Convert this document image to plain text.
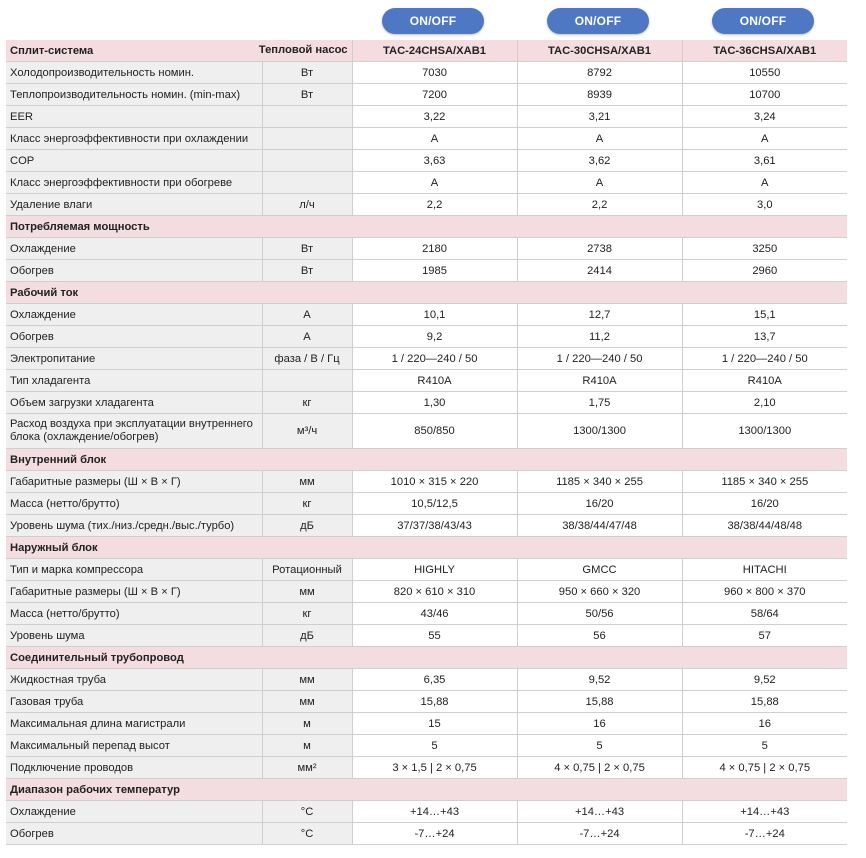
ON/OFF	ON/OFF	ON/OFF
Сплит-система Тепловой насос		TAC-24CHSA/XAB1	TAC-30CHSA/XAB1	TAC-36CHSA/XAB1
Холодопроизводительность номин.	Вт	7030	8792	10550
Теплопроизводительность номин. (min-max)	Вт	7200	8939	10700
EER		3,22	3,21	3,24
Класс энергоэффективности при охлаждении		A	A	A
COP		3,63	3,62	3,61
Класс энергоэффективности при обогреве		A	A	A
Удаление влаги	л/ч	2,2	2,2	3,0
Потребляемая мощность				
Охлаждение	Вт	2180	2738	3250
Обогрев	Вт	1985	2414	2960
Рабочий ток				
Охлаждение	A	10,1	12,7	15,1
Обогрев	A	9,2	11,2	13,7
Электропитание	фаза / В / Гц	1 / 220—240 / 50	1 / 220—240 / 50	1 / 220—240 / 50
Тип хладагента		R410A	R410A	R410A
Объем загрузки хладагента	кг	1,30	1,75	2,10
Расход воздуха при эксплуатации внутреннего блока (охлаждение/обогрев)	м³/ч	850/850	1300/1300	1300/1300
Внутренний блок				
Габаритные размеры (Ш × В × Г)	мм	1010 × 315 × 220	1185 × 340 × 255	1185 × 340 × 255
Масса (нетто/брутто)	кг	10,5/12,5	16/20	16/20
Уровень шума (тих./низ./средн./выс./турбо)	дБ	37/37/38/43/43	38/38/44/47/48	38/38/44/48/48
Наружный блок				
Тип и марка компрессора	Ротационный	HIGHLY	GMCC	HITACHI
Габаритные размеры (Ш × В × Г)	мм	820 × 610 × 310	950 × 660 × 320	960 × 800 × 370
Масса (нетто/брутто)	кг	43/46	50/56	58/64
Уровень шума	дБ	55	56	57
Соединительный трубопровод				
Жидкостная труба	мм	6,35	9,52	9,52
Газовая труба	мм	15,88	15,88	15,88
Максимальная длина магистрали	м	15	16	16
Максимальный перепад высот	м	5	5	5
Подключение проводов	мм²	3 × 1,5 | 2 × 0,75	4 × 0,75 | 2 × 0,75	4 × 0,75 | 2 × 0,75
Диапазон рабочих температур				
Охлаждение	°C	+14…+43	+14…+43	+14…+43
Обогрев	°C	-7…+24	-7…+24	-7…+24
